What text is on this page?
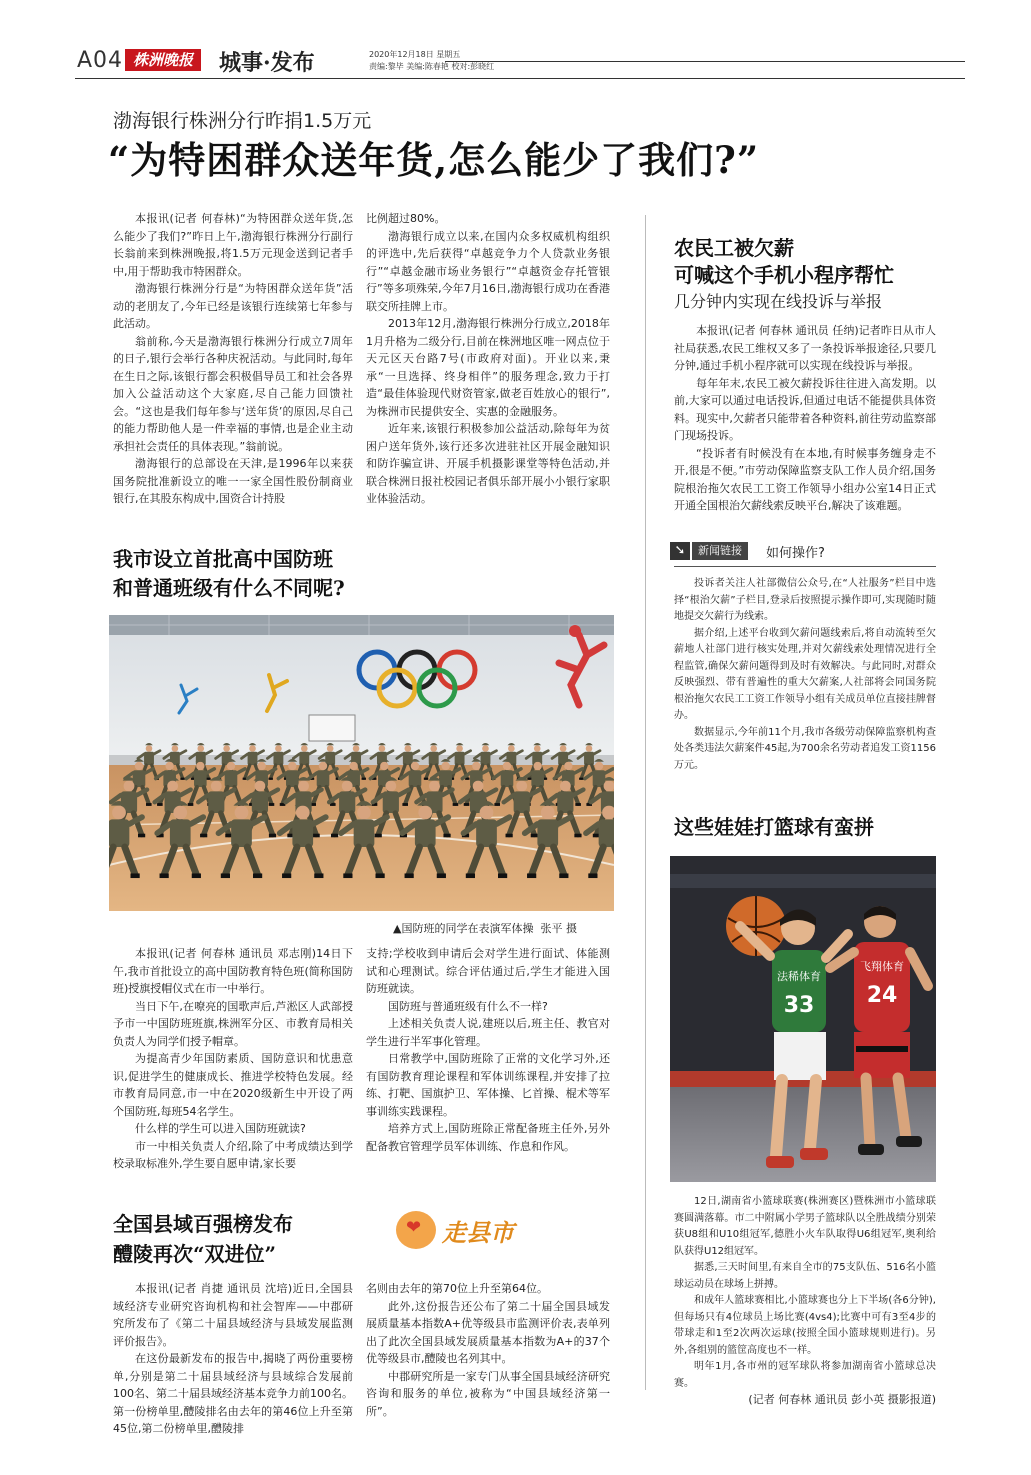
A04 株洲晚报	城事·发布	2020年12月18日 星期五
责编:黎毕 美编:陈春艳 校对:彭晓红
渤海银行株洲分行昨捐1.5万元
“为特困群众送年货,怎么能少了我们?”

本报讯(记者 何春林)“为特困群众送年货,怎么能少了我们?”昨日上午,渤海银行株洲分行副行长翁前来到株洲晚报,将1.5万元现金送到记者手中,用于帮助我市特困群众。

渤海银行株洲分行是“为特困群众送年货”活动的老朋友了,今年已经是该银行连续第七年参与此活动。

翁前称,今天是渤海银行株洲分行成立7周年的日子,银行会举行各种庆祝活动。与此同时,每年在生日之际,该银行都会积极倡导员工和社会各界加入公益活动这个大家庭,尽自己能力回馈社会。“这也是我们每年参与‘送年货’的原因,尽自己的能力帮助他人是一件幸福的事情,也是企业主动承担社会责任的具体表现。”翁前说。

渤海银行的总部设在天津,是1996年以来获国务院批准新设立的唯一一家全国性股份制商业银行,在其股东构成中,国资合计持股

比例超过80%。

渤海银行成立以来,在国内众多权威机构组织的评选中,先后获得“卓越竞争力个人贷款业务银行”“卓越金融市场业务银行”“卓越资金存托管银行”等多项殊荣,今年7月16日,渤海银行成功在香港联交所挂牌上市。

2013年12月,渤海银行株洲分行成立,2018年1月升格为二级分行,目前在株洲地区唯一网点位于天元区天台路7号(市政府对面)。开业以来,秉承“一旦选择、终身相伴”的服务理念,致力于打造“最佳体验现代财资管家,做老百姓放心的银行”,为株洲市民提供安全、实惠的金融服务。

近年来,该银行积极参加公益活动,除每年为贫困户送年货外,该行还多次进驻社区开展金融知识和防诈骗宣讲、开展手机摄影课堂等特色活动,并联合株洲日报社校园记者俱乐部开展小小银行家职业体验活动。

农民工被欠薪
可喊这个手机小程序帮忙
几分钟内实现在线投诉与举报

本报讯(记者 何春林 通讯员 任纳)记者昨日从市人社局获悉,农民工维权又多了一条投诉举报途径,只要几分钟,通过手机小程序就可以实现在线投诉与举报。

每年年末,农民工被欠薪投诉往往进入高发期。以前,大家可以通过电话投诉,但通过电话不能提供具体资料。现实中,欠薪者只能带着各种资料,前往劳动监察部门现场投诉。

“投诉者有时候没有在本地,有时候事务缠身走不开,很是不便。”市劳动保障监察支队工作人员介绍,国务院根治拖欠农民工工资工作领导小组办公室14日正式开通全国根治欠薪线索反映平台,解决了该难题。

➘	新闻链接	如何操作?

投诉者关注人社部微信公众号,在“人社服务”栏目中选择“根治欠薪”子栏目,登录后按照提示操作即可,实现随时随地提交欠薪行为线索。

据介绍,上述平台收到欠薪问题线索后,将自动流转至欠薪地人社部门进行核实处理,并对欠薪线索处理情况进行全程监管,确保欠薪问题得到及时有效解决。与此同时,对群众反映强烈、带有普遍性的重大欠薪案,人社部将会同国务院根治拖欠农民工工资工作领导小组有关成员单位直接挂牌督办。

数据显示,今年前11个月,我市各级劳动保障监察机构查处各类违法欠薪案件45起,为700余名劳动者追发工资1156万元。

这些娃娃打篮球有蛮拼
法稀体育
33
飞翔体育
24

12日,湖南省小篮球联赛(株洲赛区)暨株洲市小篮球联赛圆满落幕。市二中附属小学男子篮球队以全胜战绩分别荣获U8组和U10组冠军,德胜小火车队取得U6组冠军,奥利给队获得U12组冠军。

据悉,三天时间里,有来自全市的75支队伍、516名小篮球运动员在球场上拼搏。

和成年人篮球赛相比,小篮球赛也分上下半场(各6分钟),但每场只有4位球员上场比赛(4vs4);比赛中可有3至4步的带球走和1至2次两次运球(按照全国小篮球规则进行)。另外,各组别的篮筐高度也不一样。

明年1月,各市州的冠军球队将参加湖南省小篮球总决赛。

(记者 何春林 通讯员 彭小英 摄影报道)

我市设立首批高中国防班
和普通班级有什么不同呢?
▲国防班的同学在表演军体操  张平 摄

本报讯(记者 何春林 通讯员 邓志刚)14日下午,我市首批设立的高中国防教育特色班(简称国防班)授旗授帽仪式在市一中举行。

当日下午,在嘹亮的国歌声后,芦淞区人武部授予市一中国防班班旗,株洲军分区、市教育局相关负责人为同学们授予帽章。

为提高青少年国防素质、国防意识和忧患意识,促进学生的健康成长、推进学校特色发展。经市教育局同意,市一中在2020级新生中开设了两个国防班,每班54名学生。

什么样的学生可以进入国防班就读?

市一中相关负责人介绍,除了中考成绩达到学校录取标准外,学生要自愿申请,家长要

支持;学校收到申请后会对学生进行面试、体能测试和心理测试。综合评估通过后,学生才能进入国防班就读。

国防班与普通班级有什么不一样?

上述相关负责人说,建班以后,班主任、教官对学生进行半军事化管理。

日常教学中,国防班除了正常的文化学习外,还有国防教育理论课程和军体训练课程,并安排了拉练、打靶、国旗护卫、军体操、匕首操、棍术等军事训练实践课程。

培养方式上,国防班除正常配备班主任外,另外配备教官管理学员军体训练、作息和作风。

全国县域百强榜发布
醴陵再次“双进位”
❤ 走县市

本报讯(记者 肖捷 通讯员 沈培)近日,全国县域经济专业研究咨询机构和社会智库——中郡研究所发布了《第二十届县域经济与县域发展监测评价报告》。

在这份最新发布的报告中,揭晓了两份重要榜单,分别是第二十届县域经济与县域综合发展前100名、第二十届县域经济基本竞争力前100名。第一份榜单里,醴陵排名由去年的第46位上升至第45位,第二份榜单里,醴陵排

名则由去年的第70位上升至第64位。

此外,这份报告还公布了第二十届全国县域发展质量基本指数A+优等级县市监测评价表,表单列出了此次全国县域发展质量基本指数为A+的37个优等级县市,醴陵也名列其中。

中郡研究所是一家专门从事全国县域经济研究咨询和服务的单位,被称为“中国县域经济第一所”。
